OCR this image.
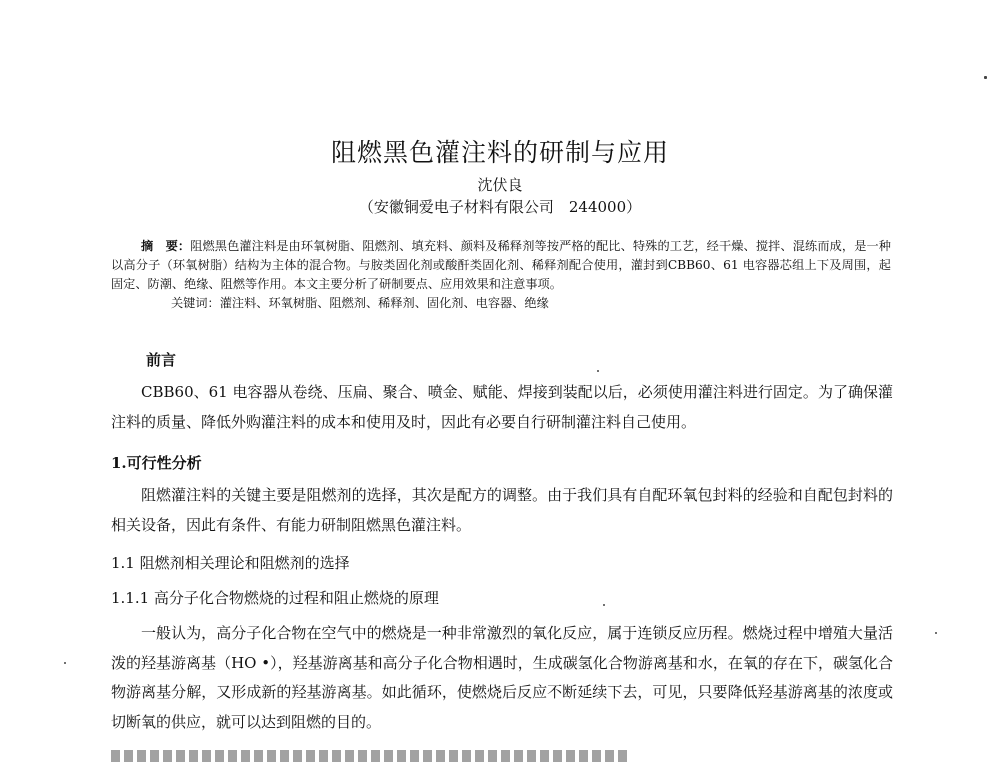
阻燃黑色灌注料的研制与应用
沈伏良
（安徽铜爱电子材料有限公司　244000）

摘　要：阻燃黑色灌注料是由环氧树脂、阻燃剂、填充料、颜料及稀释剂等按严格的配比、特殊的工艺，经干燥、搅拌、混练而成，是一种以高分子（环氧树脂）结构为主体的混合物。与胺类固化剂或酸酐类固化剂、稀释剂配合使用，灌封到CBB60、61 电容器芯组上下及周围，起固定、防潮、绝缘、阻燃等作用。本文主要分析了研制要点、应用效果和注意事项。

关键词：灌注料、环氧树脂、阻燃剂、稀释剂、固化剂、电容器、绝缘

前言

CBB60、61 电容器从卷绕、压扁、聚合、喷金、赋能、焊接到装配以后，必须使用灌注料进行固定。为了确保灌注料的质量、降低外购灌注料的成本和使用及时，因此有必要自行研制灌注料自己使用。

1.可行性分析

阻燃灌注料的关键主要是阻燃剂的选择，其次是配方的调整。由于我们具有自配环氧包封料的经验和自配包封料的相关设备，因此有条件、有能力研制阻燃黑色灌注料。

1.1 阻燃剂相关理论和阻燃剂的选择
1.1.1 高分子化合物燃烧的过程和阻止燃烧的原理

一般认为，高分子化合物在空气中的燃烧是一种非常激烈的氧化反应，属于连锁反应历程。燃烧过程中增殖大量活泼的羟基游离基（HO •），羟基游离基和高分子化合物相遇时，生成碳氢化合物游离基和水，在氧的存在下，碳氢化合物游离基分解，又形成新的羟基游离基。如此循环，使燃烧后反应不断延续下去，可见，只要降低羟基游离基的浓度或切断氧的供应，就可以达到阻燃的目的。
